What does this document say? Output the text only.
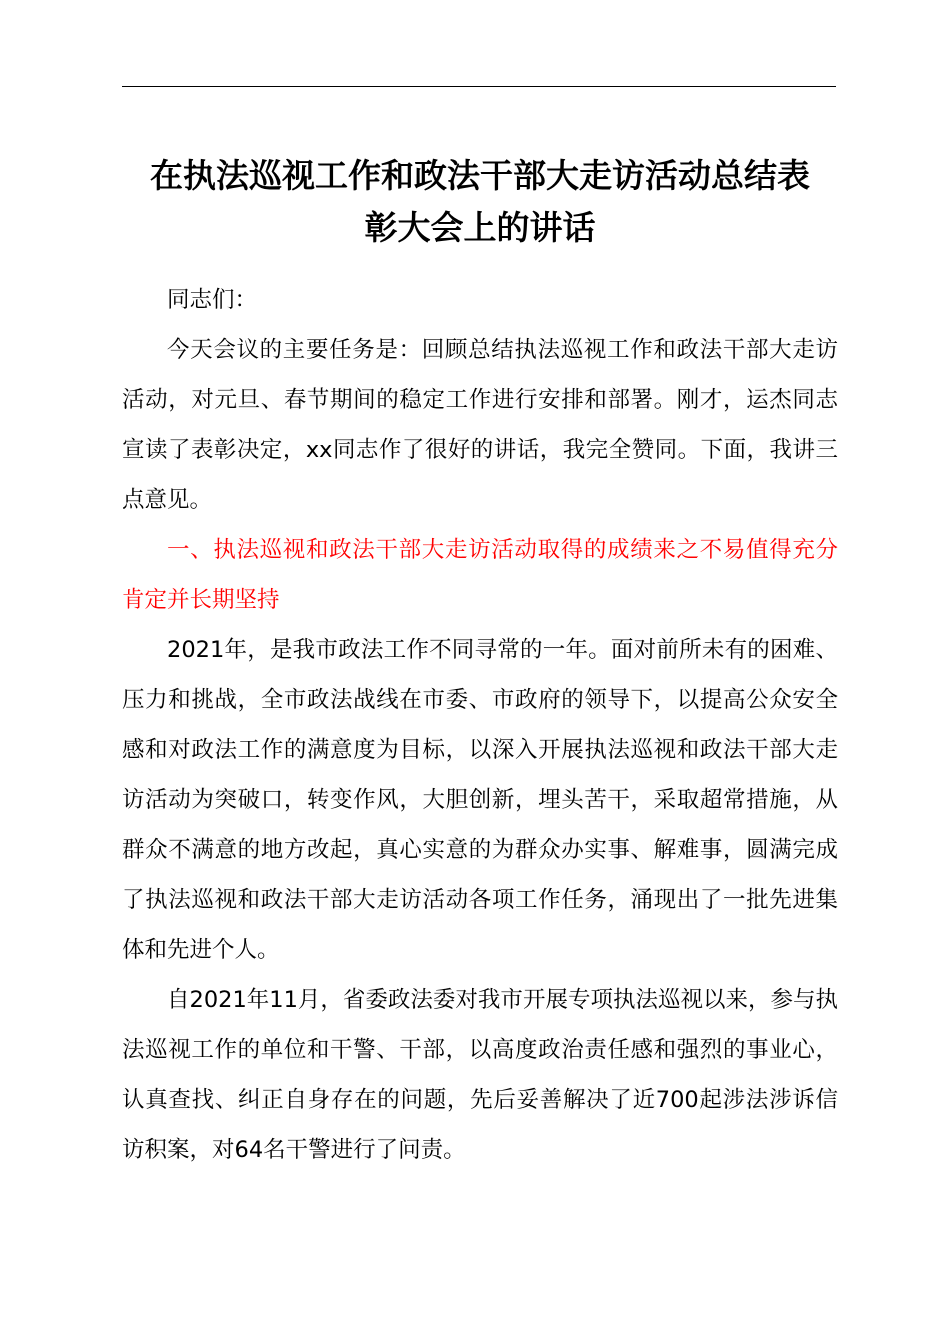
在执法巡视工作和政法干部大走访活动总结表
彰大会上的讲话

同志们：

今天会议的主要任务是：回顾总结执法巡视工作和政法干部大走访活动，对元旦、春节期间的稳定工作进行安排和部署。刚才，运杰同志宣读了表彰决定，xx同志作了很好的讲话，我完全赞同。下面，我讲三点意见。

一、执法巡视和政法干部大走访活动取得的成绩来之不易值得充分肯定并长期坚持

2021年，是我市政法工作不同寻常的一年。面对前所未有的困难、压力和挑战，全市政法战线在市委、市政府的领导下，以提高公众安全感和对政法工作的满意度为目标，以深入开展执法巡视和政法干部大走访活动为突破口，转变作风，大胆创新，埋头苦干，采取超常措施，从群众不满意的地方改起，真心实意的为群众办实事、解难事，圆满完成了执法巡视和政法干部大走访活动各项工作任务，涌现出了一批先进集体和先进个人。

自2021年11月，省委政法委对我市开展专项执法巡视以来，参与执法巡视工作的单位和干警、干部，以高度政治责任感和强烈的事业心，认真查找、纠正自身存在的问题，先后妥善解决了近700起涉法涉诉信访积案，对64名干警进行了问责。
